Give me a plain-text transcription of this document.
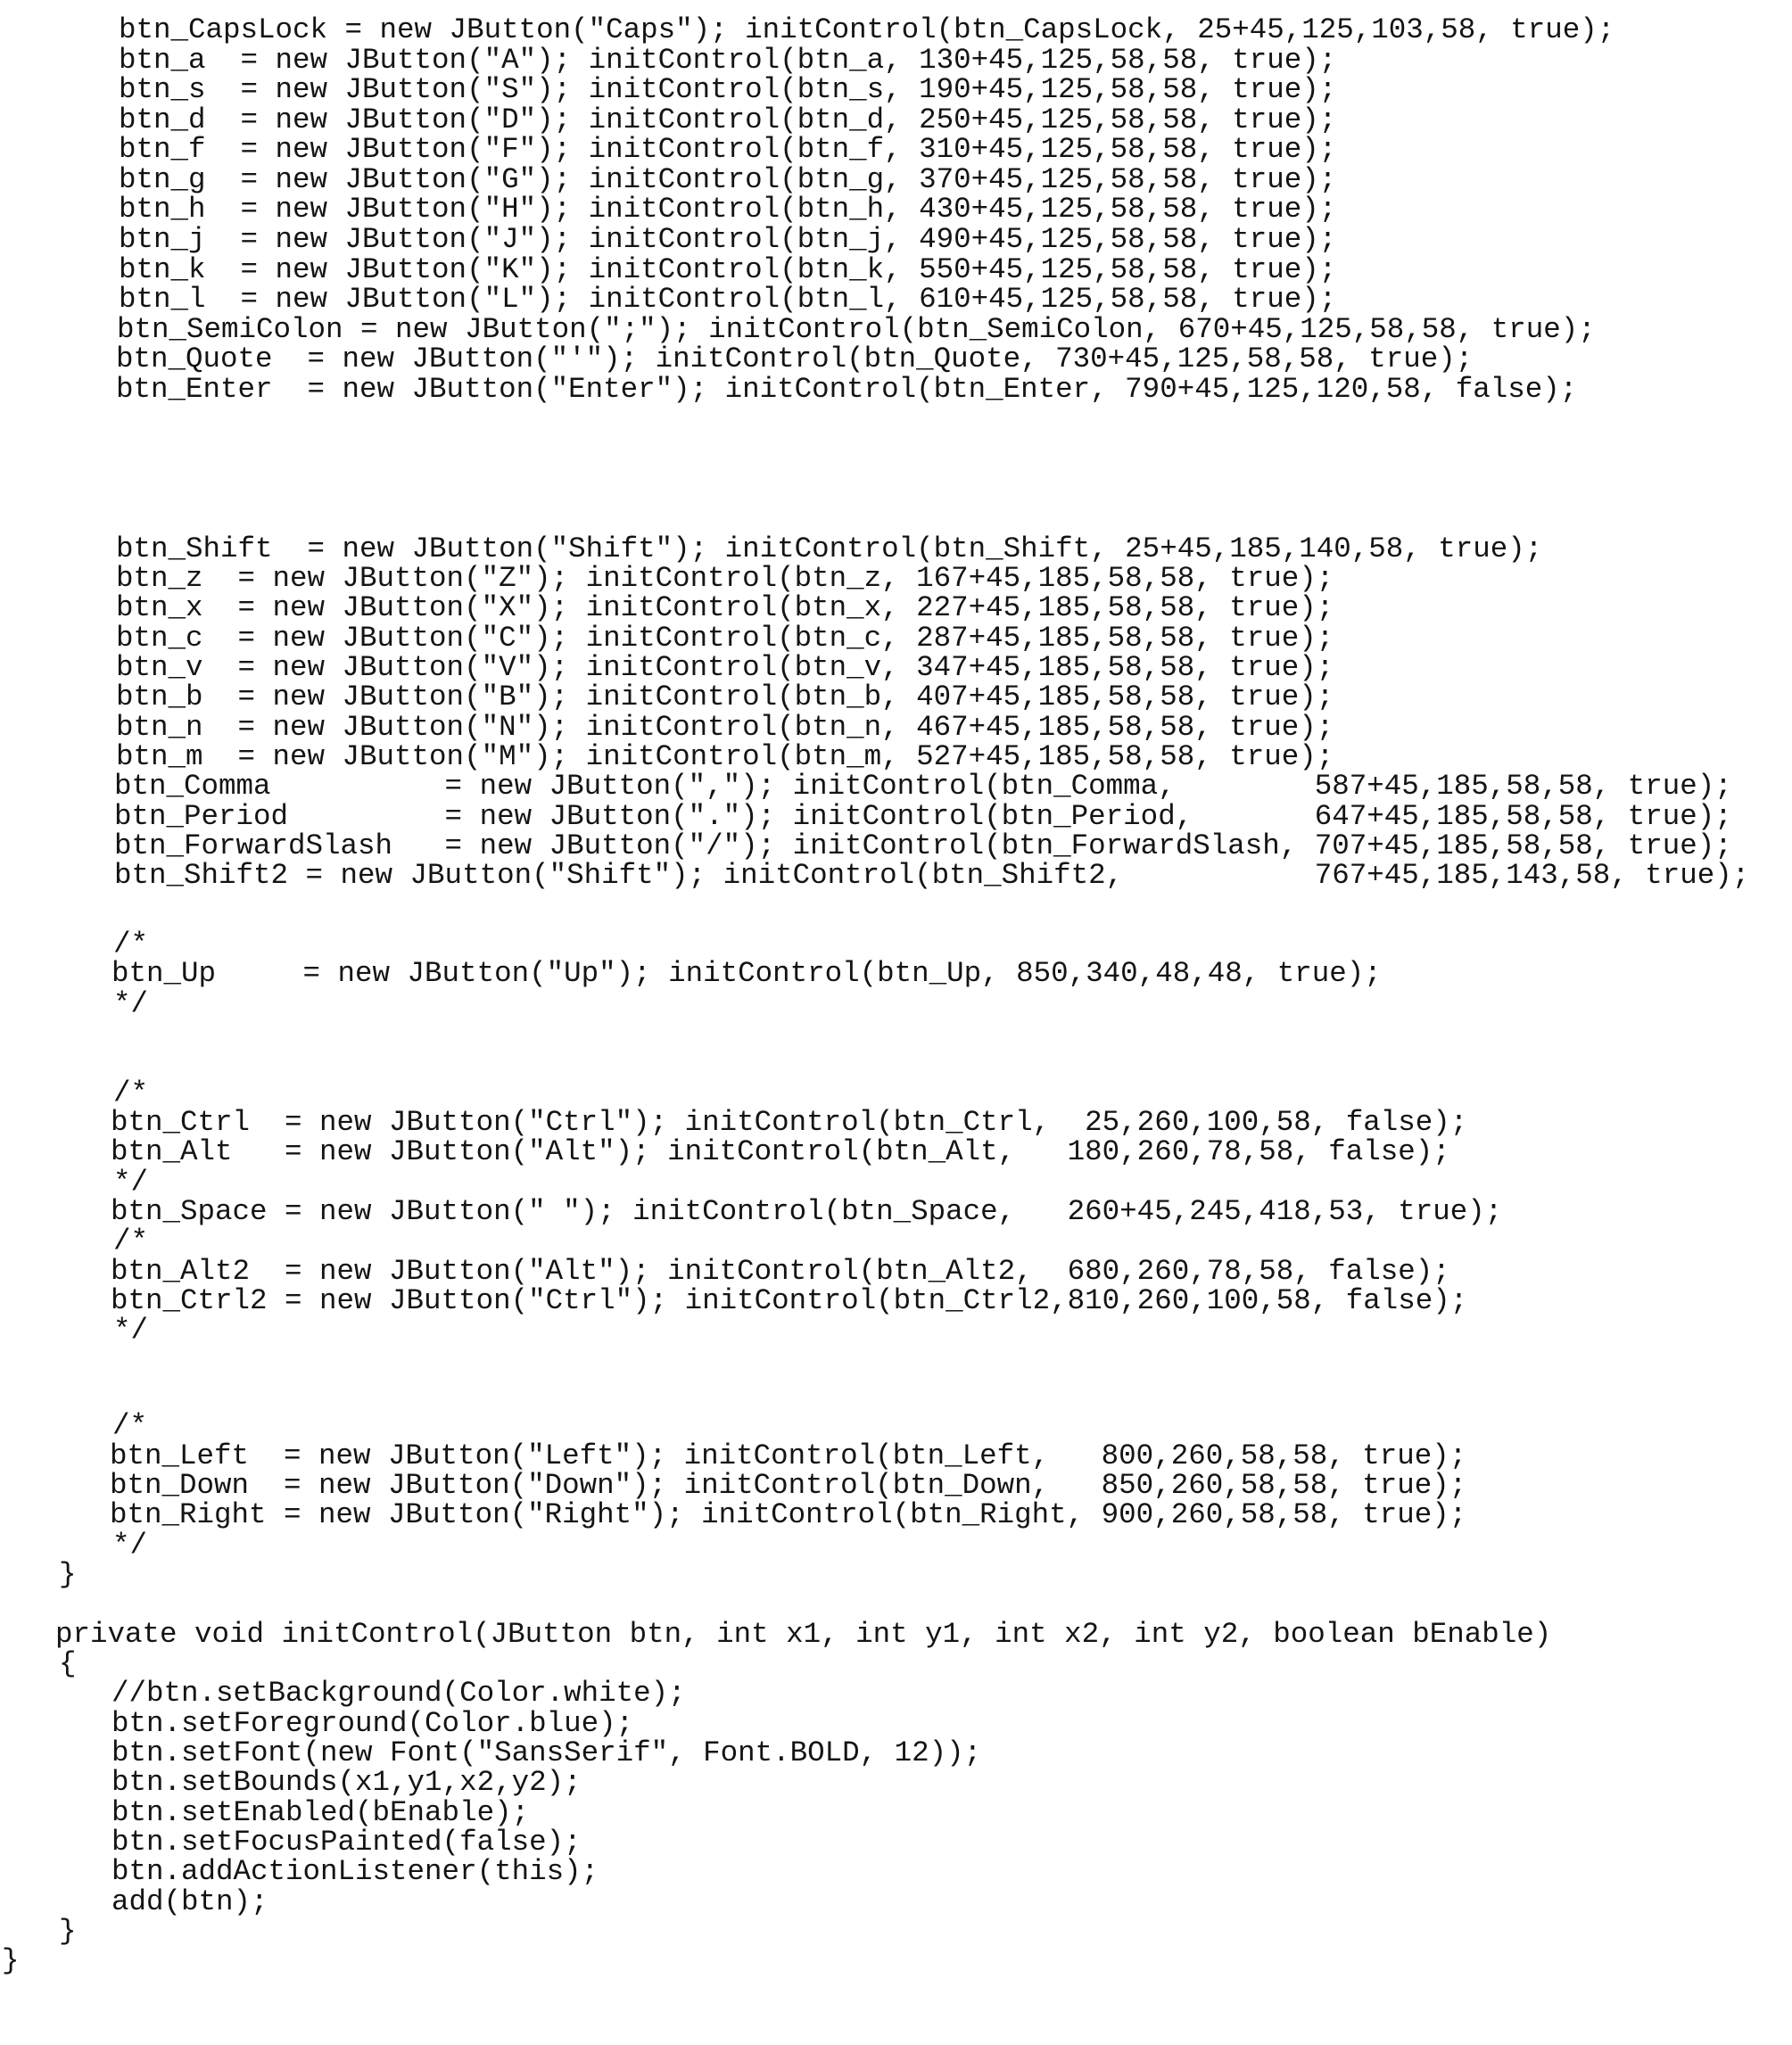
btn_CapsLock = new JButton("Caps"); initControl(btn_CapsLock, 25+45,125,103,58, true);
btn_a  = new JButton("A"); initControl(btn_a, 130+45,125,58,58, true);
btn_s  = new JButton("S"); initControl(btn_s, 190+45,125,58,58, true);
btn_d  = new JButton("D"); initControl(btn_d, 250+45,125,58,58, true);
btn_f  = new JButton("F"); initControl(btn_f, 310+45,125,58,58, true);
btn_g  = new JButton("G"); initControl(btn_g, 370+45,125,58,58, true);
btn_h  = new JButton("H"); initControl(btn_h, 430+45,125,58,58, true);
btn_j  = new JButton("J"); initControl(btn_j, 490+45,125,58,58, true);
btn_k  = new JButton("K"); initControl(btn_k, 550+45,125,58,58, true);
btn_l  = new JButton("L"); initControl(btn_l, 610+45,125,58,58, true);
btn_SemiColon = new JButton(";"); initControl(btn_SemiColon, 670+45,125,58,58, true);
btn_Quote  = new JButton("'"); initControl(btn_Quote, 730+45,125,58,58, true);
btn_Enter  = new JButton("Enter"); initControl(btn_Enter, 790+45,125,120,58, false);
btn_Shift  = new JButton("Shift"); initControl(btn_Shift, 25+45,185,140,58, true);
btn_z  = new JButton("Z"); initControl(btn_z, 167+45,185,58,58, true);
btn_x  = new JButton("X"); initControl(btn_x, 227+45,185,58,58, true);
btn_c  = new JButton("C"); initControl(btn_c, 287+45,185,58,58, true);
btn_v  = new JButton("V"); initControl(btn_v, 347+45,185,58,58, true);
btn_b  = new JButton("B"); initControl(btn_b, 407+45,185,58,58, true);
btn_n  = new JButton("N"); initControl(btn_n, 467+45,185,58,58, true);
btn_m  = new JButton("M"); initControl(btn_m, 527+45,185,58,58, true);
btn_Comma          = new JButton(","); initControl(btn_Comma,        587+45,185,58,58, true);
btn_Period         = new JButton("."); initControl(btn_Period,       647+45,185,58,58, true);
btn_ForwardSlash   = new JButton("/"); initControl(btn_ForwardSlash, 707+45,185,58,58, true);
btn_Shift2 = new JButton("Shift"); initControl(btn_Shift2,           767+45,185,143,58, true);
/*
btn_Up     = new JButton("Up"); initControl(btn_Up, 850,340,48,48, true);
*/
/*
btn_Ctrl  = new JButton("Ctrl"); initControl(btn_Ctrl,  25,260,100,58, false);
btn_Alt   = new JButton("Alt"); initControl(btn_Alt,   180,260,78,58, false);
*/
btn_Space = new JButton(" "); initControl(btn_Space,   260+45,245,418,53, true);
/*
btn_Alt2  = new JButton("Alt"); initControl(btn_Alt2,  680,260,78,58, false);
btn_Ctrl2 = new JButton("Ctrl"); initControl(btn_Ctrl2,810,260,100,58, false);
*/
/*
btn_Left  = new JButton("Left"); initControl(btn_Left,   800,260,58,58, true);
btn_Down  = new JButton("Down"); initControl(btn_Down,   850,260,58,58, true);
btn_Right = new JButton("Right"); initControl(btn_Right, 900,260,58,58, true);
*/
}
private void initControl(JButton btn, int x1, int y1, int x2, int y2, boolean bEnable)
{
//btn.setBackground(Color.white);
btn.setForeground(Color.blue);
btn.setFont(new Font("SansSerif", Font.BOLD, 12));
btn.setBounds(x1,y1,x2,y2);
btn.setEnabled(bEnable);
btn.setFocusPainted(false);
btn.addActionListener(this);
add(btn);
}
}
